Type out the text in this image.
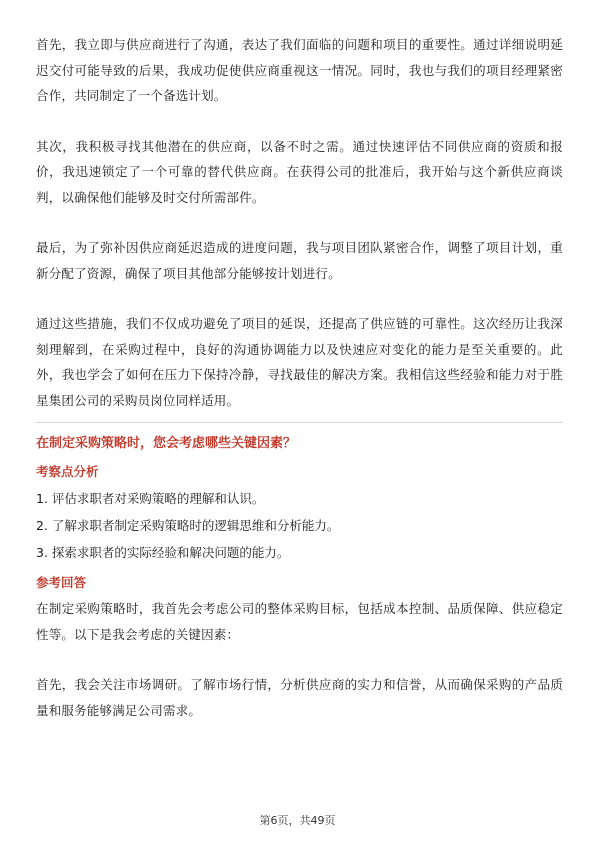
首先，我立即与供应商进行了沟通，表达了我们面临的问题和项目的重要性。通过详细说明延迟交付可能导致的后果，我成功促使供应商重视这一情况。同时，我也与我们的项目经理紧密合作，共同制定了一个备选计划。

其次，我积极寻找其他潜在的供应商，以备不时之需。通过快速评估不同供应商的资质和报价，我迅速锁定了一个可靠的替代供应商。在获得公司的批准后，我开始与这个新供应商谈判，以确保他们能够及时交付所需部件。

最后，为了弥补因供应商延迟造成的进度问题，我与项目团队紧密合作，调整了项目计划，重新分配了资源，确保了项目其他部分能够按计划进行。

通过这些措施，我们不仅成功避免了项目的延误，还提高了供应链的可靠性。这次经历让我深刻理解到，在采购过程中，良好的沟通协调能力以及快速应对变化的能力是至关重要的。此外，我也学会了如何在压力下保持冷静，寻找最佳的解决方案。我相信这些经验和能力对于胜星集团公司的采购员岗位同样适用。

在制定采购策略时，您会考虑哪些关键因素？
考察点分析
1. 评估求职者对采购策略的理解和认识。
2. 了解求职者制定采购策略时的逻辑思维和分析能力。
3. 探索求职者的实际经验和解决问题的能力。
参考回答

在制定采购策略时，我首先会考虑公司的整体采购目标，包括成本控制、品质保障、供应稳定性等。以下是我会考虑的关键因素：

首先，我会关注市场调研。了解市场行情，分析供应商的实力和信誉，从而确保采购的产品质量和服务能够满足公司需求。

第6页，共49页
